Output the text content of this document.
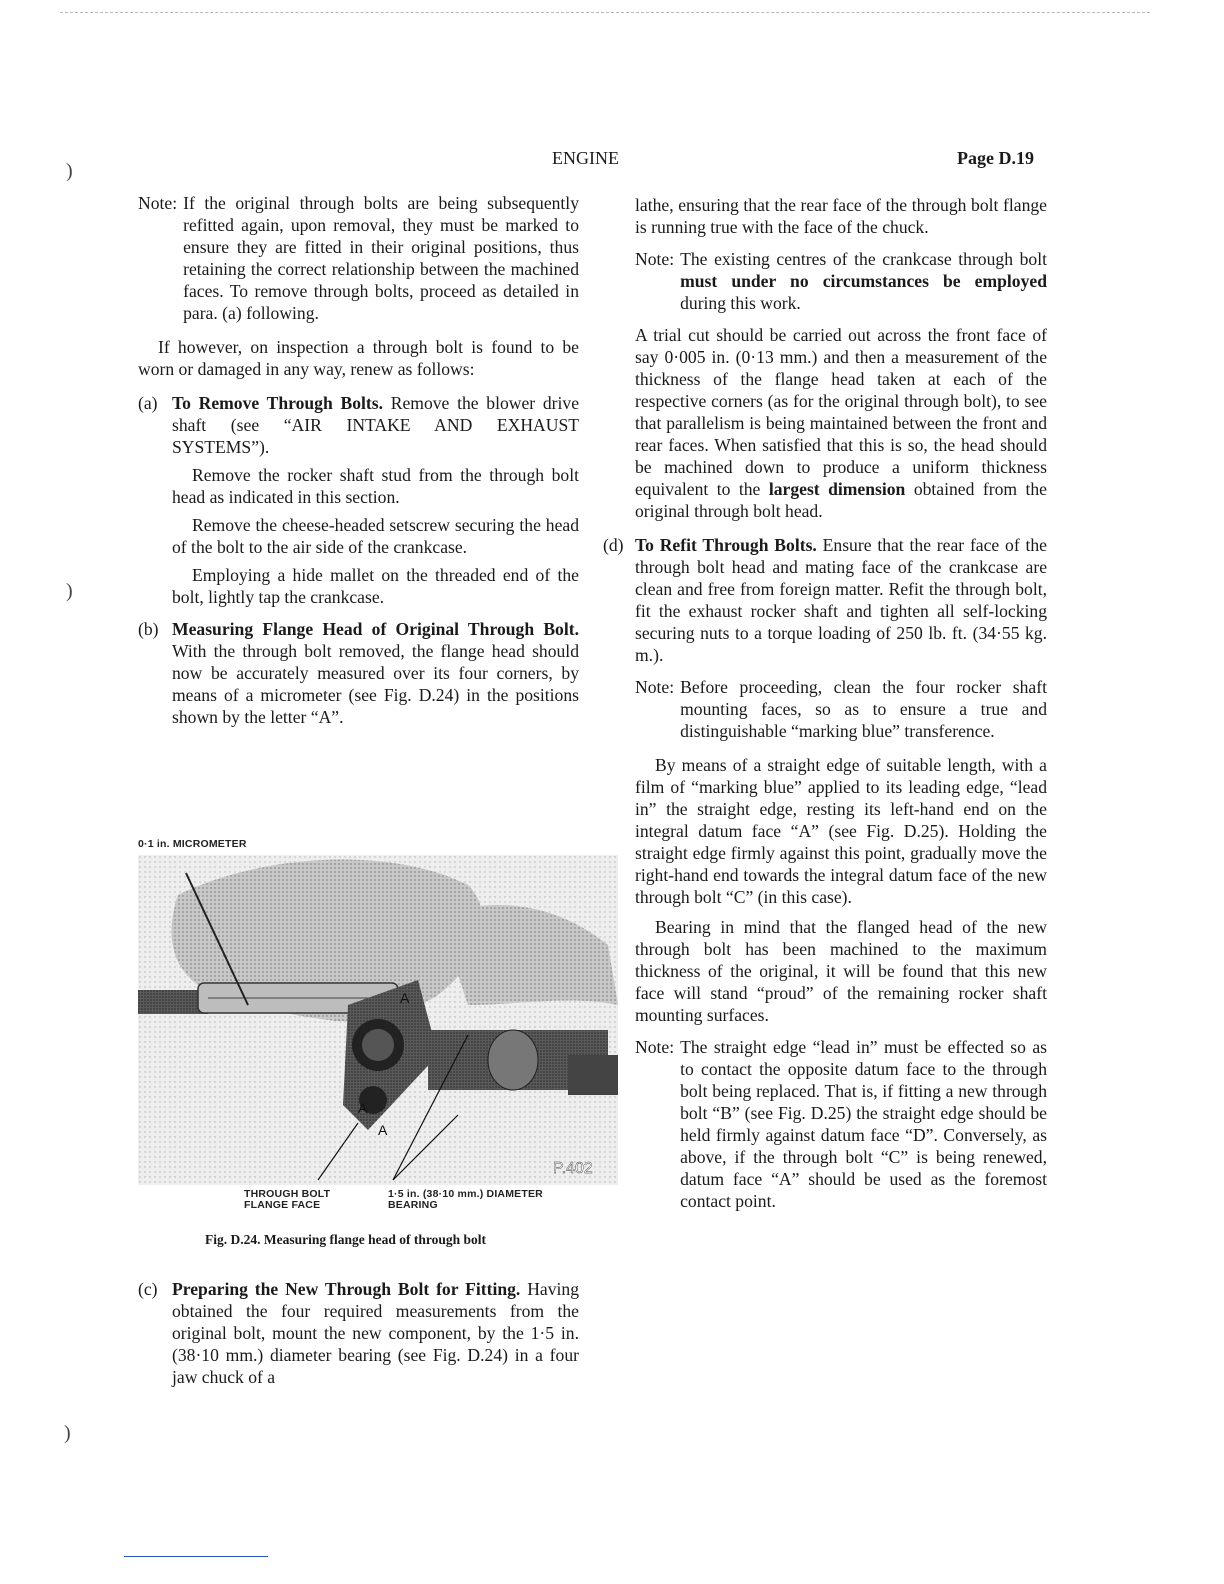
ENGINE	Page D.19
)
)
)
Note: If the original through bolts are being subsequently refitted again, upon removal, they must be marked to ensure they are fitted in their original positions, thus retaining the correct relationship between the machined faces. To remove through bolts, proceed as detailed in para. (a) following.

If however, on inspection a through bolt is found to be worn or damaged in any way, renew as follows:

(a) To Remove Through Bolts. Remove the blower drive shaft (see “AIR INTAKE AND EXHAUST SYSTEMS”).

Remove the rocker shaft stud from the through bolt head as indicated in this section.

Remove the cheese-headed setscrew securing the head of the bolt to the air side of the crankcase.

Employing a hide mallet on the threaded end of the bolt, lightly tap the crankcase.

(b) Measuring Flange Head of Original Through Bolt. With the through bolt removed, the flange head should now be accurately measured over its four corners, by means of a micrometer (see Fig. D.24) in the positions shown by the letter “A”.

0·1 in. MICROMETER
A
A
A
P.402
THROUGH BOLT
FLANGE FACE
1·5 in. (38·10 mm.) DIAMETER
BEARING
Fig. D.24. Measuring flange head of through bolt
(c) Preparing the New Through Bolt for Fitting. Having obtained the four required measurements from the original bolt, mount the new component, by the 1·5 in. (38·10 mm.) diameter bearing (see Fig. D.24) in a four jaw chuck of a

lathe, ensuring that the rear face of the through bolt flange is running true with the face of the chuck.

Note: The existing centres of the crankcase through bolt must under no circumstances be employed during this work.

A trial cut should be carried out across the front face of say 0·005 in. (0·13 mm.) and then a measurement of the thickness of the flange head taken at each of the respective corners (as for the original through bolt), to see that parallelism is being maintained between the front and rear faces. When satisfied that this is so, the head should be machined down to produce a uniform thickness equivalent to the largest dimension obtained from the original through bolt head.

(d) To Refit Through Bolts. Ensure that the rear face of the through bolt head and mating face of the crankcase are clean and free from foreign matter. Refit the through bolt, fit the exhaust rocker shaft and tighten all self-locking securing nuts to a torque loading of 250 lb. ft. (34·55 kg. m.).

Note: Before proceeding, clean the four rocker shaft mounting faces, so as to ensure a true and distinguishable “marking blue” transference.

By means of a straight edge of suitable length, with a film of “marking blue” applied to its leading edge, “lead in” the straight edge, resting its left-hand end on the integral datum face “A” (see Fig. D.25). Holding the straight edge firmly against this point, gradually move the right-hand end towards the integral datum face of the new through bolt “C” (in this case).

Bearing in mind that the flanged head of the new through bolt has been machined to the maximum thickness of the original, it will be found that this new face will stand “proud” of the remaining rocker shaft mounting surfaces.

Note: The straight edge “lead in” must be effected so as to contact the opposite datum face to the through bolt being replaced. That is, if fitting a new through bolt “B” (see Fig. D.25) the straight edge should be held firmly against datum face “D”. Conversely, as above, if the through bolt “C” is being renewed, datum face “A” should be used as the foremost contact point.
